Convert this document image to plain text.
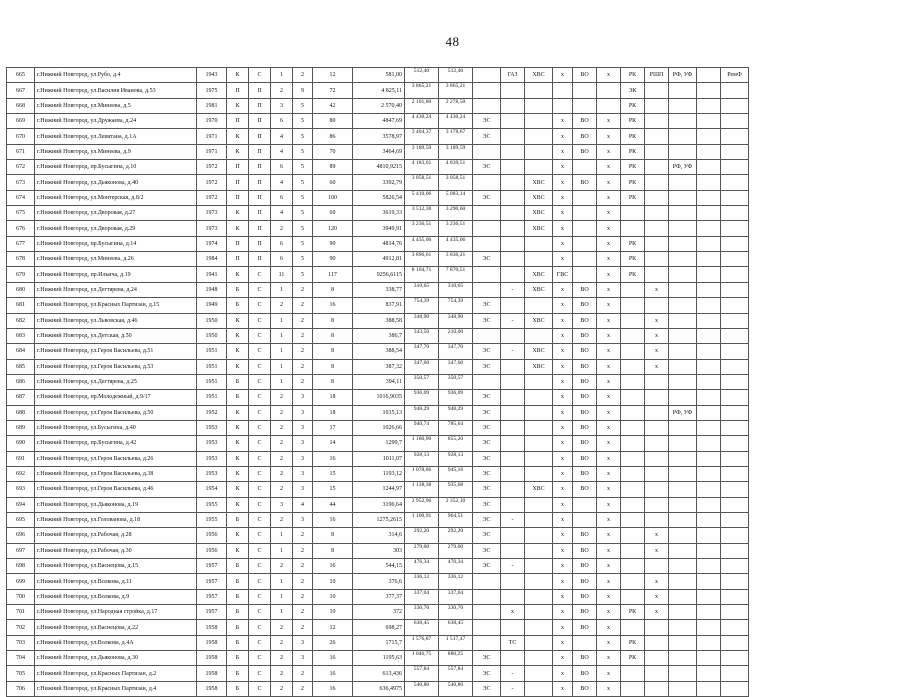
48
665	г.Нижний Новгород, ул.Рубо, д.4	1943	К	С	1	2	12	581,00	512,40	512,40		ГАЗ	ХВС	х	ВО	х	РК	РШП	РФ, УФ		РемФ
667	г.Нижний Новгород, ул.Василия Иванова, д.53	1975	П	П	2	9	72	4 825,11	3 865,21	3 865,21							ЭК				
668	г.Нижний Новгород, ул.Минеева, д.5	1981	К	П	3	5	42	2 570,40	2 101,80	2 278,50							РК				
669	г.Нижний Новгород, ул.Дружаева, д.24	1970	П	П	6	5	80	4847,69	4 430,24	4 430,24	ЭС			х	ВО	х	РК				
670	г.Нижний Новгород, ул.Левитана, д.1А	1971	К	П	4	5	86	3578,97	3 404,37	3 178,67	ЭС			х	ВО	х	РК				
671	г.Нижний Новгород, ул.Минеева, д.9	1971	К	П	4	5	70	3464,69	3 189,59	3 189,59				х	ВО	х	РК				
672	г.Нижний Новгород, пр.Бусыгина, д.10	1972	П	П	6	5	89	4810,9215	4 183,61	4 839,51	ЭС			х		х	РК		РФ, УФ		
673	г.Нижний Новгород, ул.Дьяконова, д.40	1972	П	П	4	5	60	3392,79	3 058,51	3 058,51			ХВС	х	ВО	х	РК				
674	г.Нижний Новгород, ул.Монтерская, д.8/2	1972	П	П	6	5	100	5826,54	5 410,06	5 083,14	ЭС		ХВС	х		х	РК				
675	г.Нижний Новгород, ул.Дворовая, д.27	1973	К	П	4	5	60	3619,33	3 512,38	3 290,60			ХВС	х		х					
676	г.Нижний Новгород, ул.Дворовая, д.29	1973	К	П	2	5	120	3949,91	3 236,51	3 236,51			ХВС	х		х					
677	г.Нижний Новгород, пр.Бусыгина, д.14	1974	П	П	6	5	90	4814,76	4 435,06	4 435,06				х		х	РК				
678	г.Нижний Новгород, ул.Минеева, д.26	1984	П	П	6	5	90	4912,81	3 896,61	3 836,21	ЭС			х		х	РК				
679	г.Нижний Новгород, пр.Ильича, д.19	1941	К	С	11	5	117	9256,6115	8 104,71	7 870,51			ХВС	ГВС		х	РК				
680	г.Нижний Новгород, ул.Дегтярева, д.24	1948	Б	С	1	2	8	338,77	310,65	310,65		-	ХВС	х	ВО	х		х			
681	г.Нижний Новгород, ул.Красных Партизан, д.15	1949	Б	С	2	2	16	837,91	754,39	754,39	ЭС			х	ВО	х					
682	г.Нижний Новгород, ул.Львовская, д.46	1950	К	С	1	2	8	388,58	348,90	348,90	ЭС	-	ХВС	х	ВО	х		х			
683	г.Нижний Новгород, ул.Детская, д.50	1950	К	С	1	2	8	386,7	343,50	210,00				х	ВО	х		х			
684	г.Нижний Новгород, ул.Героя Васильева, д.51	1951	К	С	1	2	8	388,54	347,70	347,70	ЭС	-	ХВС	х	ВО	х		х			
685	г.Нижний Новгород, ул.Героя Васильева, д.53	1951	К	С	1	2	8	387,32	347,60	347,60	ЭС		ХВС	х	ВО	х		х			
686	г.Нижний Новгород, ул.Дегтярева, д.25	1951	Б	С	1	2	8	394,11	350,57	350,57				х	ВО	х					
687	г.Нижний Новгород, пр.Молодежный, д.9/17	1951	Б	С	2	3	18	1016,9035	936,09	936,09	ЭС			х	ВО	х					
688	г.Нижний Новгород, ул.Героя Васильева, д.50	1952	К	С	2	3	18	1035,13	948,29	948,29	ЭС			х	ВО	х			РФ, УФ		
689	г.Нижний Новгород, ул.Бусыгина, д.40	1953	К	С	2	3	17	1026,66	940,74	785,64	ЭС			х	ВО	х					
690	г.Нижний Новгород, пр.Бусыгина, д.42	1953	К	С	2	3	14	1299,7	1 180,90	855,20	ЭС			х	ВО	х					
691	г.Нижний Новгород, ул.Героя Васильева, д.26	1953	К	С	2	3	16	1011,07	928,13	928,13	ЭС			х	ВО	х					
692	г.Нижний Новгород, ул.Героя Васильева, д.38	1953	К	С	2	3	15	1193,12	1 078,86	945,16	ЭС			х	ВО	х					
693	г.Нижний Новгород, ул.Героя Васильева, д.46	1954	К	С	2	3	15	1244,97	1 138,38	935,68	ЭС		ХВС	х	ВО	х					
694	г.Нижний Новгород, ул.Дьяконова, д.19	1955	К	С	3	4	44	3196,64	2 952,96	2 352,10	ЭС			х		х					
695	г.Нижний Новгород, ул.Голованова, д.18	1955	Б	С	2	3	16	1275,2615	1 100,91	964,51	ЭС	-		х		х					
696	г.Нижний Новгород, ул.Рабочая, д.28	1956	К	С	1	2	8	314,6	292,20	292,20	ЭС			х	ВО	х		х			
697	г.Нижний Новгород, ул.Рабочая, д.30	1956	К	С	1	2	8	303	279,00	279,00	ЭС			х	ВО	х		х			
698	г.Нижний Новгород, ул.Васнецова, д.15	1957	Б	С	2	2	16	544,15	476,34	476,34	ЭС	-		х	ВО	х					
699	г.Нижний Новгород, ул.Волкова, д.11	1957	Б	С	1	2	10	376,6	336,12	336,12				х	ВО	х		х			
700	г.Нижний Новгород, ул.Волкова, д.9	1957	Б	С	1	2	10	377,37	337,04	337,04				х	ВО	х		х			
701	г.Нижний Новгород, ул.Народная стройка, д.17	1957	Б	С	1	2	10	372	330,70	330,70		х		х	ВО	х	РК	х			
702	г.Нижний Новгород, ул.Васнецова, д.22	1958	Б	С	2	2	12	698,27	638,45	638,45				х	ВО	х					
703	г.Нижний Новгород, ул.Волкова, д.4А	1958	Б	С	2	3	26	1715,7	1 576,87	1 517,47		ТС		х		х	РК				
704	г.Нижний Новгород, ул.Дьяконова, д.30	1958	Б	С	2	3	16	1195,63	1 046,75	880,25	ЭС			х	ВО	х	РК				
705	г.Нижний Новгород, ул.Красных Партизан, д.2	1958	Б	С	2	2	16	613,436	557,84	557,84	ЭС	-		х	ВО	х					
706	г.Нижний Новгород, ул.Красных Партизан, д.4	1958	Б	С	2	2	16	636,4975	540,80	540,80	ЭС	-		х	ВО	х					
